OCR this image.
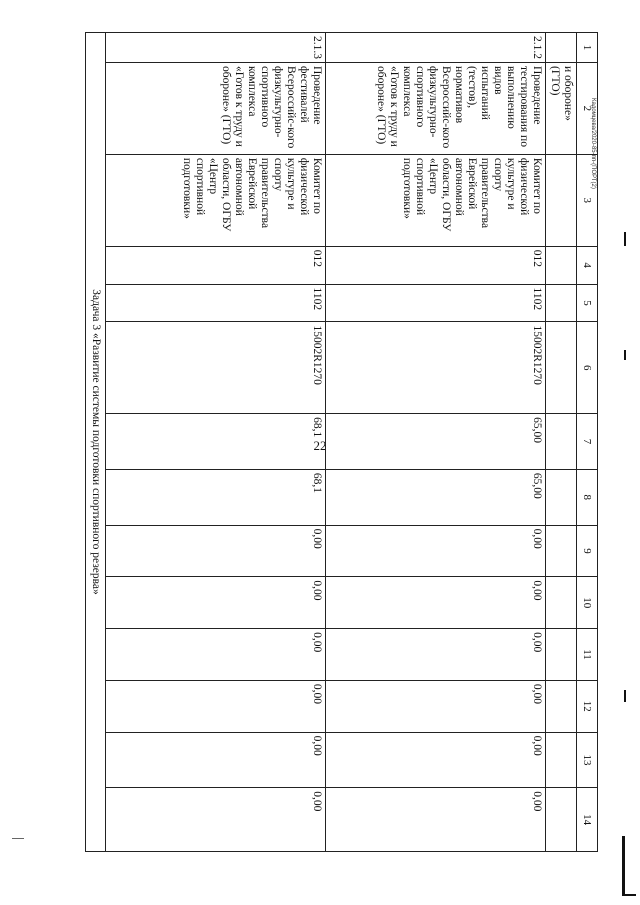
22
1	2	3	4	5	6	7	8	9	10	11	12	13	14
	и обороне» (ГТО)												
2.1.2	Проведение тестирования по выполнению видов испытаний (тестов), нормативов Всероссийс-кого физкультурно-спортивного комплекса «Готов к труду и обороне» (ГТО)	Комитет по физической культуре и спорту правительства Еврейской автономной области, ОГБУ «Центр спортивной подготовки»	012	1102	15002R1270	65,00	65,00	0,00	0,00	0,00	0,00	0,00	0,00
2.1.3	Проведение фестивалей Всероссийс-кого физкультурно-спортивного комплекса «Готов к труду и обороне» (ГТО)	Комитет по физической культуре и спорту правительства Еврейской автономной области, ОГБУ «Центр спортивной подготовки»	012	1102	15002R1270	68,1	68,1	0,00	0,00	0,00	0,00	0,00	0,00
Задача 3 «Развитие системы подготовки спортивного резерва»													
Кадомцева/2020-85-пп-(ПОРТ(2)
